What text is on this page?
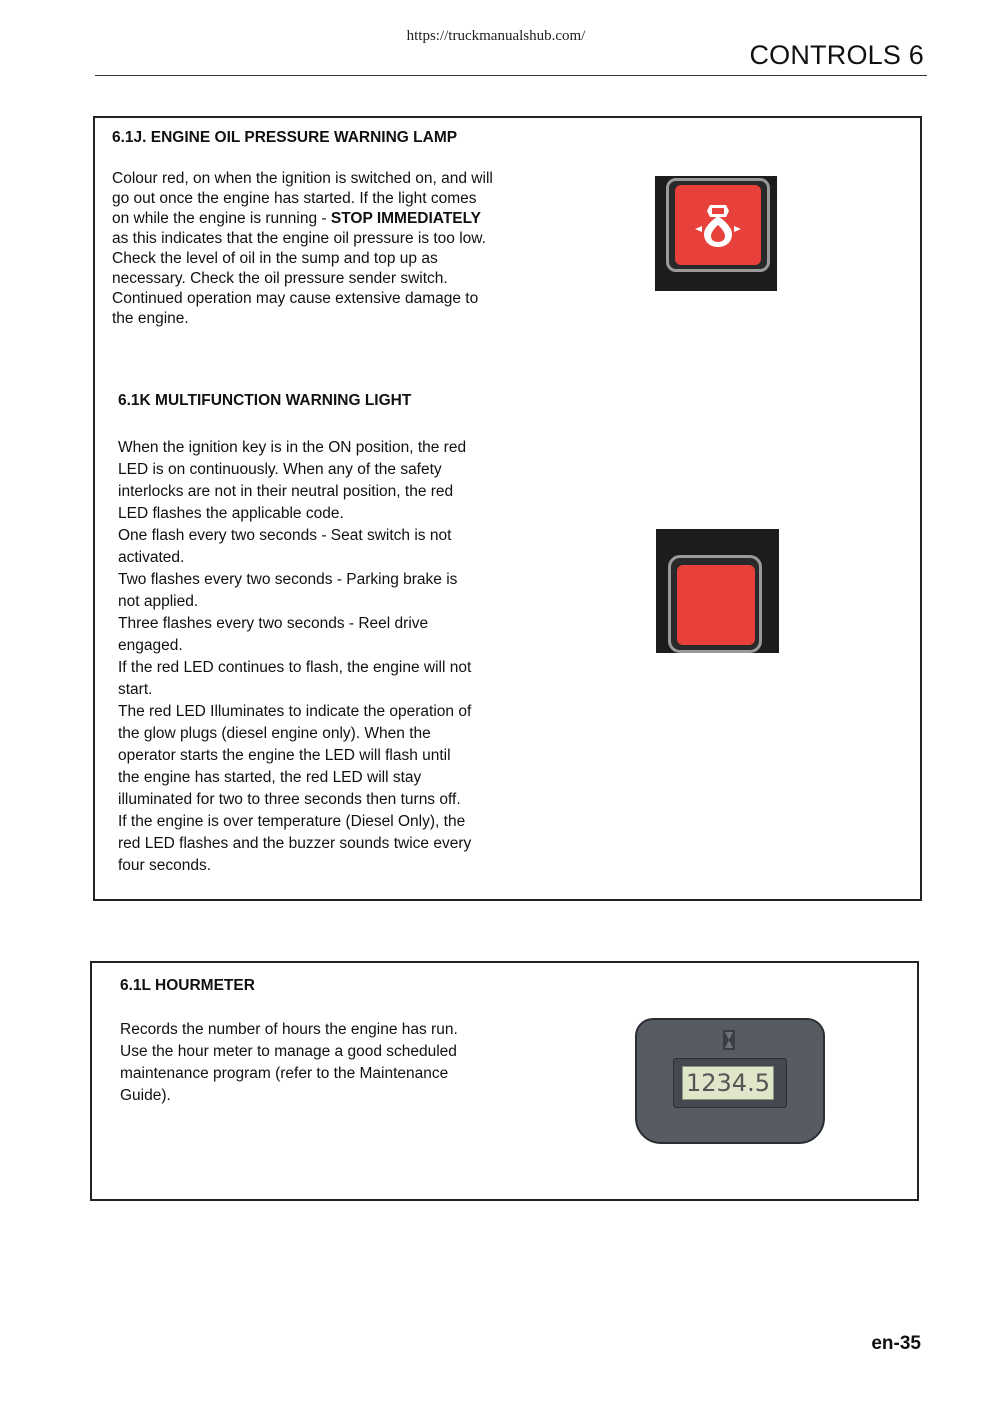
https://truckmanualshub.com/
CONTROLS 6
6.1J. ENGINE OIL PRESSURE WARNING LAMP

Colour red, on when the ignition is switched on, and will go out once the engine has started. If the light comes on while the engine is running - STOP IMMEDIATELY as this indicates that the engine oil pressure is too low. Check the level of oil in the sump and top up as necessary. Check the oil pressure sender switch. Continued operation may cause extensive damage to the engine.

6.1K MULTIFUNCTION WARNING LIGHT
When the ignition key is in the ON position, the red
LED is on continuously. When any of the safety
interlocks are not in their neutral position, the red
LED flashes the applicable code.
One flash every two seconds - Seat switch is not
activated.
Two flashes every two seconds - Parking brake is
not applied.
Three flashes every two seconds - Reel drive
engaged.
If the red LED continues to flash, the engine will not
start.
The red LED Illuminates to indicate the operation of
the glow plugs (diesel engine only). When the
operator starts the engine the LED will flash until
the engine has started, the red LED will stay
illuminated for two to three seconds then turns off.
If the engine is over temperature (Diesel Only), the
red LED flashes and the buzzer sounds twice every
four seconds.
6.1L HOURMETER
Records the number of hours the engine has run.
Use the hour meter to manage a good scheduled
maintenance program (refer to the Maintenance
Guide).	1234.5
en-35
